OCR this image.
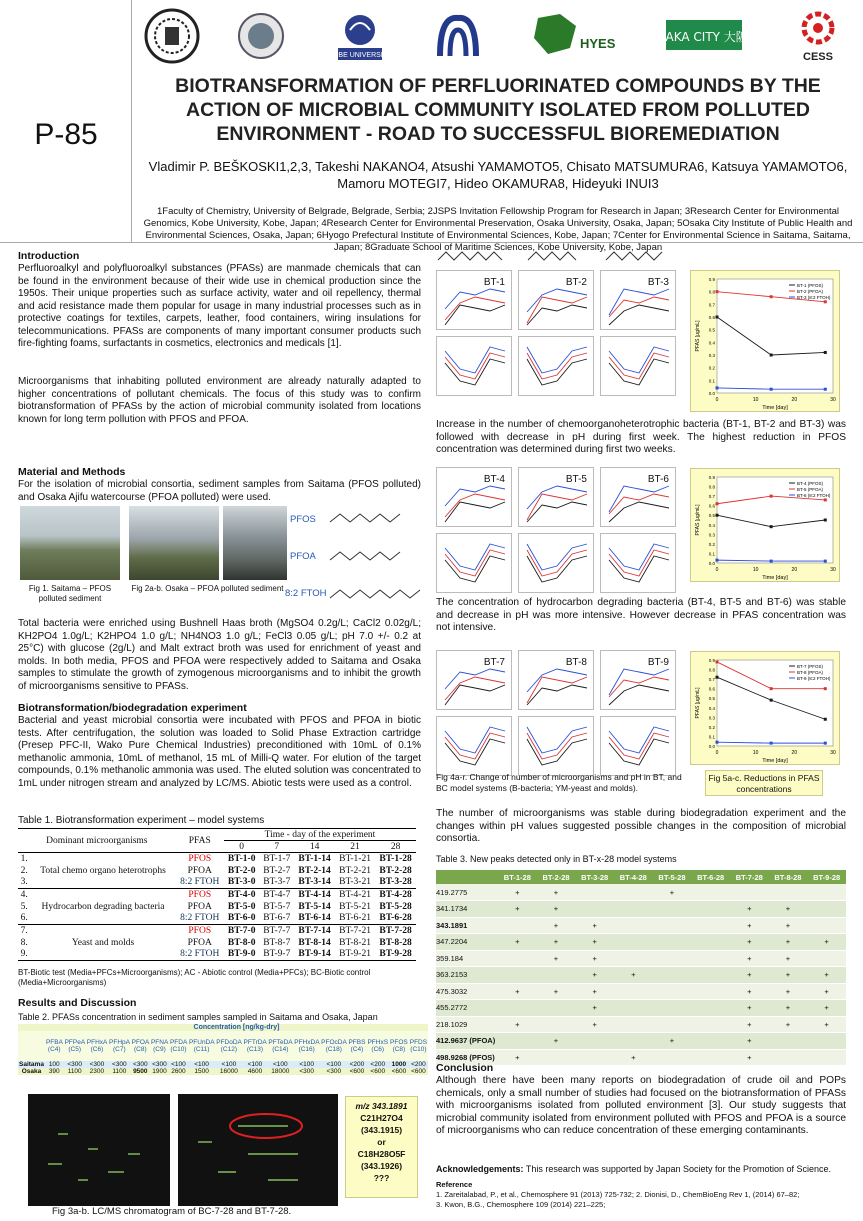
P-85
KOBE UNIVERSITY
HYES	OSAKA CITY 大阪市
CESS
BIOTRANSFORMATION OF PERFLUORINATED COMPOUNDS BY THE ACTION OF MICROBIAL COMMUNITY ISOLATED FROM POLLUTED ENVIRONMENT - ROAD TO SUCCESSFUL BIOREMEDIATION
Vladimir P. BEŠKOSKI1,2,3, Takeshi NAKANO4, Atsushi YAMAMOTO5, Chisato MATSUMURA6, Katsuya YAMAMOTO6,
Mamoru MOTEGI7, Hideo OKAMURA8, Hideyuki INUI3
1Faculty of Chemistry, University of Belgrade, Belgrade, Serbia; 2JSPS Invitation Fellowship Program for Research in Japan; 3Research Center for Environmental Genomics, Kobe University, Kobe, Japan; 4Research Center for Environmental Preservation, Osaka University, Osaka, Japan; 5Osaka City Institute of Public Health and Environmental Sciences, Osaka, Japan; 6Hyogo Prefectural Institute of Environmental Sciences, Kobe, Japan; 7Center for Environmental Science in Saitama, Saitama, Japan; 8Graduate School of Maritime Sciences, Kobe University, Kobe, Japan
Introduction
Perfluoroalkyl and polyfluoroalkyl substances (PFASs) are manmade chemicals that can be found in the environment because of their wide use in chemical production since the 1950s. Their unique properties such as surface activity, water and oil repellency, thermal and acid resistance made them popular for usage in many industrial processes such as in protective coatings for textiles, carpets, leather, food containers, wiring insulations for telecommunications. PFASs are components of many important consumer products such fire-fighting foams, surfactants in cosmetics, electronics and medicals [1].
Microorganisms that inhabiting polluted environment are already naturally adapted to higher concentrations of pollutant chemicals. The focus of this study was to confirm biotransformation of PFASs by the action of microbial community isolated from locations known for long term pollution with PFOS and PFOA.
Material and Methods
For the isolation of microbial consortia, sediment samples from Saitama (PFOS polluted) and Osaka Ajifu watercourse (PFOA polluted) were used.
Fig 1. Saitama – PFOS polluted sediment
Fig 2a-b. Osaka – PFOA polluted sediment
PFOS
PFOA
8:2 FTOH
Total bacteria were enriched using Bushnell Haas broth (MgSO4 0.2g/L; CaCl2 0.02g/L; KH2PO4 1.0g/L; K2HPO4 1.0 g/L; NH4NO3 1.0 g/L; FeCl3 0.05 g/L; pH 7.0 +/- 0.2 at 25°C) with glucose (2g/L) and Malt extract broth was used for enrichment of yeast and molds. In both media, PFOS and PFOA were respectively added to Saitama and Osaka samples to stimulate the growth of zymogenous microorganisms and to inhibit the growth of microorganisms sensitive to PFASs.
Biotransformation/biodegradation experiment
Bacterial and yeast microbial consortia were incubated with PFOS and PFOA in biotic tests. After centrifugation, the solution was loaded to Solid Phase Extraction cartridge (Presep PFC-II, Wako Pure Chemical Industries) preconditioned with 10mL of 0.1% methanolic ammonia, 10mL of methanol, 15 mL of Milli-Q water. For elution of the target compounds, 0.1% methanolic ammonia was used. The eluted solution was concentrated to 1mL under nitrogen stream and analyzed by LC/MS. Abiotic tests were used as a control.
Table 1. Biotransformation experiment – model systems
Dominant microorganisms		PFAS	Time - day of the experiment				
			0	7	14	21	28
1.	Total chemo organo heterotrophs	PFOS	BT-1-0	BT-1-7	BT-1-14	BT-1-21	BT-1-28
2.		PFOA	BT-2-0	BT-2-7	BT-2-14	BT-2-21	BT-2-28
3.		8:2 FTOH	BT-3-0	BT-3-7	BT-3-14	BT-3-21	BT-3-28
4.	Hydrocarbon degrading bacteria	PFOS	BT-4-0	BT-4-7	BT-4-14	BT-4-21	BT-4-28
5.		PFOA	BT-5-0	BT-5-7	BT-5-14	BT-5-21	BT-5-28
6.		8:2 FTOH	BT-6-0	BT-6-7	BT-6-14	BT-6-21	BT-6-28
7.	Yeast and molds	PFOS	BT-7-0	BT-7-7	BT-7-14	BT-7-21	BT-7-28
8.		PFOA	BT-8-0	BT-8-7	BT-8-14	BT-8-21	BT-8-28
9.		8:2 FTOH	BT-9-0	BT-9-7	BT-9-14	BT-9-21	BT-9-28
BT-Biotic test (Media+PFCs+Microorganisms); AC - Abiotic control (Media+PFCs); BC-Biotic control (Media+Microorganisms)
Results and Discussion
Table 2. PFASs concentration in sediment samples sampled in Saitama and Osaka, Japan
	Concentration [ng/kg-dry]																
	PFBA (C4)	PFPeA (C5)	PFHxA (C6)	PFHpA (C7)	PFOA (C8)	PFNA (C9)	PFDA (C10)	PFUnDA (C11)	PFDoDA (C12)	PFTrDA (C13)	PFTeDA (C14)	PFHxDA (C16)	PFOcDA (C18)	PFBS (C4)	PFHxS (C6)	PFOS (C8)	PFDS (C10)
Saitama	100	<300	<300	<300	<300	<300	<100	<100	<100	<100	<100	<100	<100	<200	<200	1000	<200
Osaka	390	1100	2300	1100	9500	1900	2600	1500	16000	4600	18000	<300	<300	<600	<600	<600	<600
m/z 343.1891
C21H27O4
(343.1915)
or
C18H28O5F
(343.1926)
???
Fig 3a-b. LC/MS chromatogram of BC-7-28 and BT-7-28.
BT-1	BT-2	BT-3
BT-4	BT-5	BT-6
BT-7	BT-8	BT-9
0	10	20	30
0.0
0.1
0.2
0.3
0.4
0.5
0.6
0.7
0.8
0.9
Time [day]
PFAS [μg/mL]
BT-1 (PFOS)
BT-2 (PFOA)
BT-3 (8:2 FTOH)
0	10	20	30
0.0
0.1
0.2
0.3
0.4
0.5
0.6
0.7
0.8
0.9
Time [day]
PFAS [μg/mL]
BT-4 (PFOS)
BT-5 (PFOA)
BT-6 (8:2 FTOH)
0	10	20	30
0.0
0.1
0.2
0.3
0.4
0.5
0.6
0.7
0.8
0.9
Time [day]
PFAS [μg/mL]
BT-7 (PFOS)
BT-8 (PFOA)
BT-9 (8:2 FTOH)
Increase in the number of chemoorganoheterotrophic bacteria (BT-1, BT-2 and BT-3) was followed with decrease in pH during first week. The highest reduction in PFOS concentration was determined during first two weeks.
The concentration of hydrocarbon degrading bacteria (BT-4, BT-5 and BT-6) was stable and decrease in pH was more intensive. However decrease in PFAS concentration was not intensive.
Fig 4a-r. Change of number of microorganisms and pH in BT, and BC model systems (B-bacteria; YM-yeast and molds).
Fig 5a-c. Reductions in PFAS concentrations
The number of microorganisms was stable during biodegradation experiment and the changes within pH values suggested possible changes in the composition of microbial consortia.
Table 3. New peaks detected only in BT-x-28 model systems
	BT-1-28	BT-2-28	BT-3-28	BT-4-28	BT-5-28	BT-6-28	BT-7-28	BT-8-28	BT-9-28
419.2775	+	+			+				
341.1734	+	+					+	+	
343.1891		+	+				+	+	
347.2204	+	+	+				+	+	+
359.184		+	+				+	+	
363.2153			+	+			+	+	+
475.3032	+	+	+				+	+	+
455.2772			+				+	+	+
218.1029	+		+				+	+	+
412.9637 (PFOA)		+			+		+		
498.9268 (PFOS)	+			+			+		
Conclusion
Although there have been many reports on biodegradation of crude oil and POPs chemicals, only a small number of studies had focused on the biotransformation of PFASs with microorganisms isolated from polluted environment [3]. Our study suggests that microbial community isolated from environment polluted with PFOS and PFOA is a source of microorganisms who can reduce concentration of these emerging contaminants.
Acknowledgements: This research was supported by Japan Society for the Promotion of Science.
Reference
1. Zareitalabad, P., et al., Chemosphere 91 (2013) 725-732; 2. Dionisi, D., ChemBioEng Rev 1, (2014) 67–82;
3. Kwon, B.G., Chemosphere 109 (2014) 221–225;
